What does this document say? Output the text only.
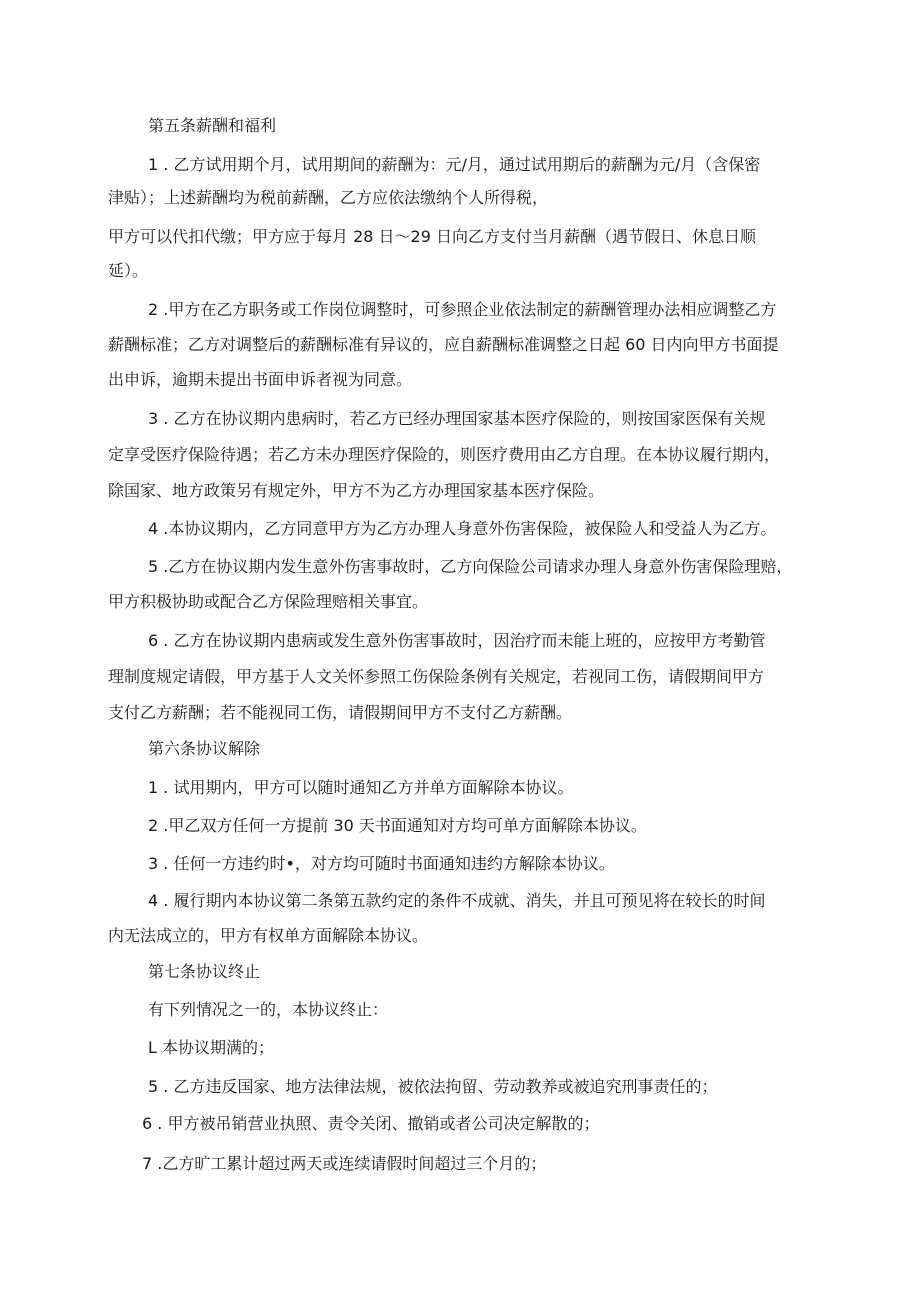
第五条薪酬和福利
1 . 乙方试用期个月，试用期间的薪酬为：元/月，通过试用期后的薪酬为元/月（含保密
津贴）；上述薪酬均为税前薪酬，乙方应依法缴纳个人所得税，
甲方可以代扣代缴；甲方应于每月 28 日～29 日向乙方支付当月薪酬（遇节假日、休息日顺
延）。
2 .甲方在乙方职务或工作岗位调整时，可参照企业依法制定的薪酬管理办法相应调整乙方
薪酬标准；乙方对调整后的薪酬标准有异议的，应自薪酬标准调整之日起 60 日内向甲方书面提
出申诉，逾期未提出书面申诉者视为同意。
3 . 乙方在协议期内患病时，若乙方已经办理国家基本医疗保险的，则按国家医保有关规
定享受医疗保险待遇；若乙方未办理医疗保险的，则医疗费用由乙方自理。在本协议履行期内，
除国家、地方政策另有规定外，甲方不为乙方办理国家基本医疗保险。
4 .本协议期内，乙方同意甲方为乙方办理人身意外伤害保险，被保险人和受益人为乙方。
5 .乙方在协议期内发生意外伤害事故时，乙方向保险公司请求办理人身意外伤害保险理赔，
甲方积极协助或配合乙方保险理赔相关事宜。
6 . 乙方在协议期内患病或发生意外伤害事故时，因治疗而未能上班的，应按甲方考勤管
理制度规定请假，甲方基于人文关怀参照工伤保险条例有关规定，若视同工伤，请假期间甲方
支付乙方薪酬；若不能视同工伤，请假期间甲方不支付乙方薪酬。
第六条协议解除
1 . 试用期内，甲方可以随时通知乙方并单方面解除本协议。
2 .甲乙双方任何一方提前 30 天书面通知对方均可单方面解除本协议。
3 . 任何一方违约时•，对方均可随时书面通知违约方解除本协议。
4 . 履行期内本协议第二条第五款约定的条件不成就、消失，并且可预见将在较长的时间
内无法成立的，甲方有权单方面解除本协议。
第七条协议终止
有下列情况之一的，本协议终止：
L 本协议期满的；
5 . 乙方违反国家、地方法律法规，被依法拘留、劳动教养或被追究刑事责任的；
6 . 甲方被吊销营业执照、责令关闭、撤销或者公司决定解散的；
7 .乙方旷工累计超过两天或连续请假时间超过三个月的；
